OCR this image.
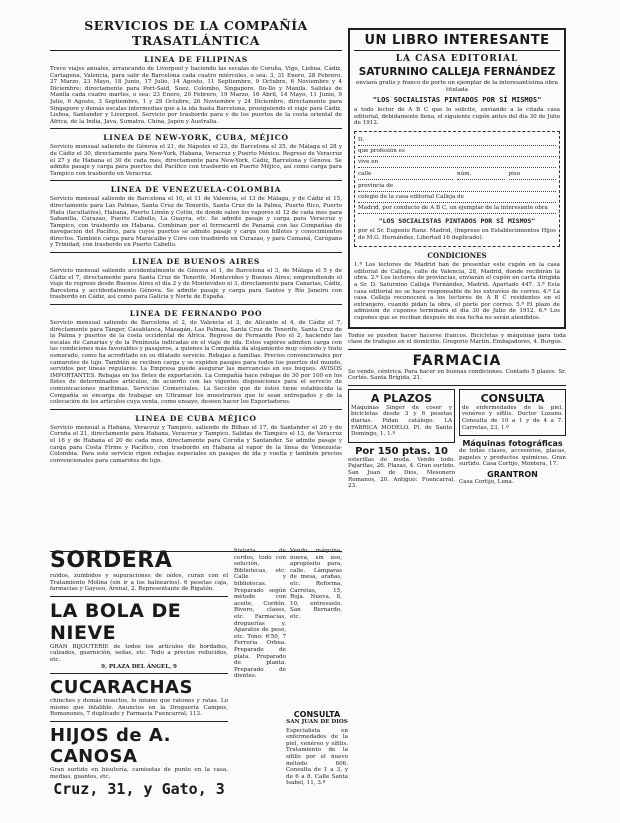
SERVICIOS DE LA COMPAÑÍA TRASATLÁNTICA
LINEA DE FILIPINAS
Trece viajes anuales, arrancando de Liverpool y haciendo las escalas de Coruña, Vigo, Lisboa, Cádiz, Cartagena, Valencia, para salir de Barcelona cada cuatro miércoles, o sea: 3, 31 Enero, 28 Febrero, 27 Marzo, 23 Mayo, 18 Junio, 17 Julio, 14 Agosto, 11 Septiembre, 9 Octubre, 6 Noviembre y 4 Diciembre; directamente para Port-Said, Suez, Colombo, Singapore, Ilo-Ilo y Manila. Salidas de Manila cada cuatro martes, o sea: 23 Enero, 20 Febrero, 19 Marzo, 16 Abril, 14 Mayo, 11 Junio, 9 Julio, 6 Agosto, 3 Septiembre, 1 y 29 Octubre, 26 Noviembre y 24 Diciembre, directamente para Singapore y demás escalas intermedias que a la ida hasta Barcelona, prosiguiendo el viaje para Cádiz, Lisboa, Santander y Liverpool. Servicio por trasbordo para y de los puertos de la costa oriental de África, de la India, Java, Sumatra, China, Japón y Australia.
LINEA DE NEW-YORK, CUBA, MÉJICO
Servicio mensual saliendo de Génova el 21, de Nápoles el 23, de Barcelona el 25, de Málaga el 28 y de Cádiz el 30, directamente para New-York, Habana, Veracruz y Puerto México. Regreso de Veracruz el 27 y de Habana el 30 de cada mes, directamente para New-York, Cádiz, Barcelona y Génova. Se admite pasaje y carga para puertos del Pacífico con trasbordo en Puerto Méjico, así como carga para Tampico con trasbordo en Veracruz.
LINEA DE VENEZUELA-COLOMBIA
Servicio mensual saliendo de Barcelona el 10, el 11 de Valencia, el 13 de Málaga, y de Cádiz el 15, directamente para Las Palmas, Santa Cruz de Tenerife, Santa Cruz de la Palma, Puerto Rico, Puerto Plata (facultativa), Habana, Puerto Limón y Colón, de donde salen los vapores el 12 de cada mes para Sabanilla, Curazao, Puerto Cabello, La Guayra, etc. Se admite pasaje y carga para Veracruz y Tampico, con trasbordo en Habana. Combinan por el ferrocarril de Panamá con las Compañías de navegación del Pacífico, para cuyos puertos se admite pasaje y carga con billetes y conocimientos directos. También carga para Maracaibo y Coro con trasbordo en Curazao, y para Cumaná, Carúpano y Trinidad, con trasbordo en Puerto Cabello.
LINEA DE BUENOS AIRES
Servicio mensual saliendo accidentalmente de Génova el 1, de Barcelona el 3, de Málaga el 5 y de Cádiz el 7, directamente para Santa Cruz de Tenerife, Montevideo y Buenos Aires; emprendiendo el viaje de regreso desde Buenos Aires el día 2 y de Montevideo el 3, directamente para Canarias, Cádiz, Barcelona y accidentalmente Génova. Se admite pasaje y carga para Santos y Río Janeiro con trasbordo en Cádiz, así como para Galicia y Norte de España.
LINEA DE FERNANDO POO
Servicio mensual saliendo de Barcelona el 2, de Valencia el 3, de Alicante el 4, de Cádiz el 7, directamente para Tánger, Casablanca, Mazagán, Las Palmas, Santa Cruz de Tenerife, Santa Cruz de la Palma y puertos de la costa occidental de África. Regreso de Fernando Poo el 2, haciendo las escalas de Canarias y de la Península indicadas en el viaje de ida. Estos vapores admiten carga con las condiciones más favorables y pasajeros, a quienes la Compañía da alojamiento muy cómodo y trato esmerado, como ha acreditado en su dilatado servicio. Rebajas a familias. Precios convencionales por camarotes de lujo. También se reciben carga y se expiden pasajes para todos los puertos del mundo, servidos por líneas regulares. La Empresa puede asegurar las mercancías en sus buques. AVISOS IMPORTANTES. Rebajas en los fletes de exportación. La Compañía hace rebajas de 30 por 100 en los fletes de determinados artículos, de acuerdo con las vigentes disposiciones para el servicio de comunicaciones marítimas. Servicios Comerciales. La Sección que de éstos tiene establecida la Compañía se encarga de trabajar en Ultramar los muestrarios que le sean entregados y de la colocación de los artículos cuya venta, como ensayo, deseen hacer los Exportadores.
LINEA DE CUBA MÉJICO
Servicio mensual a Habana, Veracruz y Tampico, saliendo de Bilbao el 17, de Santander el 20 y de Coruña el 21, directamente para Habana, Veracruz y Tampico. Salidas de Tampico el 13, de Veracruz el 16 y de Habana el 20 de cada mes, directamente para Coruña y Santander. Se admite pasaje y carga para Costa Firme y Pacífico, con trasbordo en Habana al vapor de la línea de Venezuela-Colombia. Para este servicio rigen rebajas especiales en pasajes de ida y vuelta y también precios convencionales para camarotes de lujo.
SORDERA
ruidos, zumbidos y supuraciones de oídos, curan con el Tratamiento Molina (sin ir a los balnearios). 6 pesetas caja, farmacias y Gayoso, Arenal, 2. Representante de Rigatón.
LA BOLA DE NIEVE
GRAN BIJOUTERIE de todos los artículos de bordados, calzados, guarnición, sedas, etc. Todo a precios reducidos, etc.
9, PLAZA DEL ÁNGEL, 9
CUCARACHAS
chinches y demás insectos, lo mismo que ratones y ratas. Lo mismo que infalible. Anuncios en la Droguería Campos, Romanones, 7 duplicado y Farmacia Fuencarral, 113.
HIJOS de A. CANOSA
Gran surtido en bisutería, camisetas de punto en la casa, medias, guantes, etc.
Cruz, 31, y Gato, 3
historia de cerdos, todo con solución, Bibliotecas, etc. Calle y bibliotecas. Preparado según método con aceite, Cordón. Rivero, clases, etc. Farmacias, droguerías y. Aparatos de peso, etc. Tono: 6'50, 7 Ferrería Orbea. Preparado de plata. Preparado de planta. Preparado de dientes.
Vendo máquina, nueva, sin uso, apropósito para, calle. Lámparas de mesa, arañas, etc. Reforma, Carretas, 15, Roja. Nueva, 8, 10, entresuelo. San Bernardo, etc.
UN LIBRO INTERESANTE
LA CASA EDITORIAL
SATURNINO CALLEJA FERNÁNDEZ
enviará gratis y franco de porte un ejemplar de la interesantísima obra titulada
"LOS SOCIALISTAS PINTADOS POR SÍ MISMOS"
a todo lector de A B C que lo solicite, enviando a la citada casa editorial, debidamente llena, el siguiente cupón antes del día 30 de Julio de 1912.
D.
que profesión es
vive en
calle	núm.	piso
provincia de
colegio de la casa editorial Calleja de
Madrid, por conducto de A B C, un ejemplar de la interesante obra
"LOS SOCIALISTAS PINTADOS POR SÍ MISMOS"
por el Sr. Eugenio Ranz. Madrid, (Impreso en Establecimientos Hijos de M.G. Hernández, Libertad 16 duplicado).
CONDICIONES
1.ª Los lectores de Madrid han de presentar este cupón en la casa editorial de Calleja, calle de Valencia, 28, Madrid, donde recibirán la obra. 2.ª Los lectores de provincias, enviarán el cupón en carta dirigida a Sr. D. Saturnino Calleja Fernández, Madrid. Apartado 447. 3.ª Esta casa editorial no se hace responsable de los extravíos de correo. 4.ª La casa Calleja reconocerá a los lectores de A B C residentes en el extranjero, cuando pidan la obra, el porte por correo. 5.ª El plazo de admisión de cupones terminará el día 30 de Julio de 1912. 6.ª Los cupones que se reciban después de esa fecha no serán atendidos.
Todos se pueden hacer hacerse francos. Bicicletas y máquinas para toda clase de trabajos en el domicilio. Gregorio Martín. Embajadores, 4. Burgos.
FARMACIA
Se vende, céntrica. Para hacer en buenas condiciones. Contado 5 plazos. Sr. Cortés. Santa Brígida, 21.
A PLAZOS
Máquinas Singer de coser y bicicletas desde 3 y 6 pesetas diarias. Pidan catálogo. LA FÁBRICA MODELO. Pl. de Santo Domingo, 1, 1.º
Por 150 ptas. 10
esterillas de moda. Vendo todo. Pajaritas, 26. Plazas, 4. Gran surtido. San Juan de Dios, Mesonero Romanos, 20. Antiguo: Fuencarral, 23.
CONSULTA
de enfermedades de la piel, venéreo y sífilis. Doctor Lozano. Consulta de 10 a 1 y de 4 a 7. Carretas, 23, 1.º
Máquinas fotográficas
de todas clases, accesorios, placas, papeles y productos químicos. Gran surtido. Casa Cortijo, Montera, 17.
GRANTRON
Casa Cortijo, Luna.
CONSULTA
SAN JUAN DE DIOS
Especialista en enfermedades de la piel, venéreo y sífilis. Tratamiento de la sífilis por el nuevo método 606. Consulta de 1 a 3, y de 6 a 8. Calle Santa Isabel, 11, 3.º
